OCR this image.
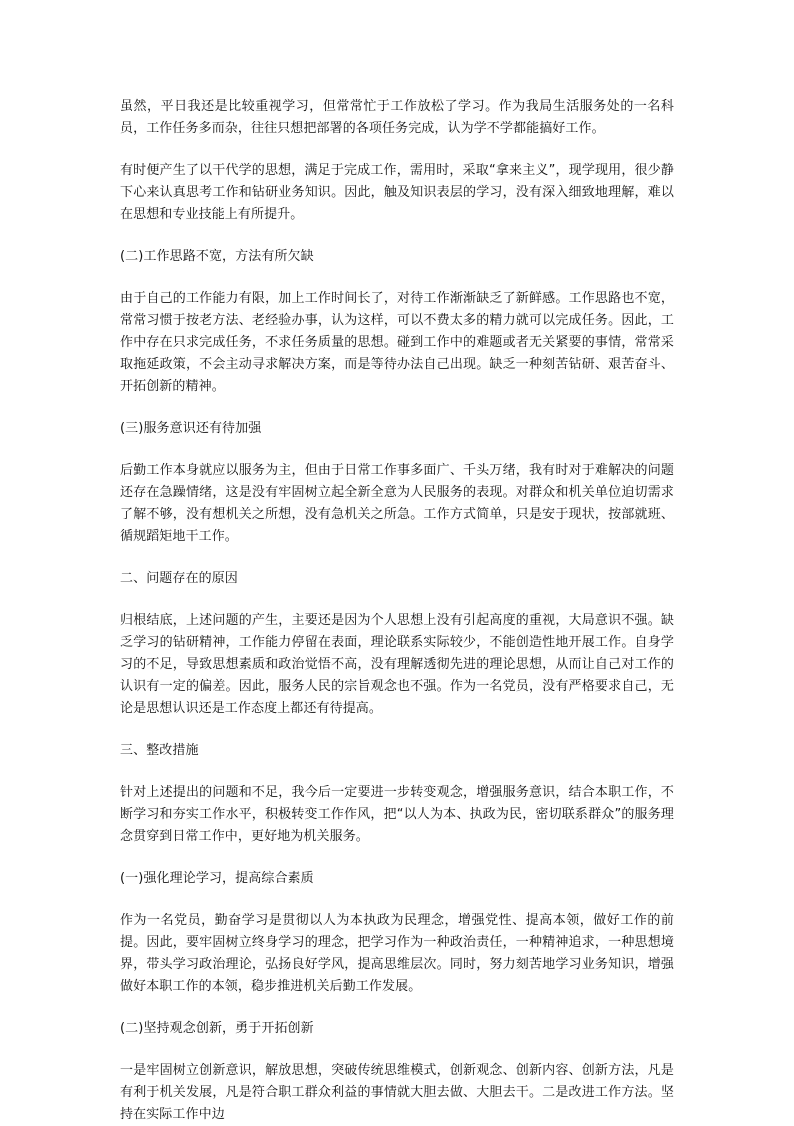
虽然，平日我还是比较重视学习，但常常忙于工作放松了学习。作为我局生活服务处的一名科员，工作任务多而杂，往往只想把部署的各项任务完成，认为学不学都能搞好工作。

有时便产生了以干代学的思想，满足于完成工作，需用时，采取“拿来主义”，现学现用，很少静下心来认真思考工作和钻研业务知识。因此，触及知识表层的学习，没有深入细致地理解，难以在思想和专业技能上有所提升。

(二)工作思路不宽，方法有所欠缺

由于自己的工作能力有限，加上工作时间长了，对待工作渐渐缺乏了新鲜感。工作思路也不宽，常常习惯于按老方法、老经验办事，认为这样，可以不费太多的精力就可以完成任务。因此，工作中存在只求完成任务，不求任务质量的思想。碰到工作中的难题或者无关紧要的事情，常常采取拖延政策，不会主动寻求解决方案，而是等待办法自己出现。缺乏一种刻苦钻研、艰苦奋斗、开拓创新的精神。

(三)服务意识还有待加强

后勤工作本身就应以服务为主，但由于日常工作事多面广、千头万绪，我有时对于难解决的问题还存在急躁情绪，这是没有牢固树立起全新全意为人民服务的表现。对群众和机关单位迫切需求了解不够，没有想机关之所想，没有急机关之所急。工作方式简单，只是安于现状，按部就班、循规蹈矩地干工作。

二、问题存在的原因

归根结底，上述问题的产生，主要还是因为个人思想上没有引起高度的重视，大局意识不强。缺乏学习的钻研精神，工作能力停留在表面，理论联系实际较少，不能创造性地开展工作。自身学习的不足，导致思想素质和政治觉悟不高，没有理解透彻先进的理论思想，从而让自己对工作的认识有一定的偏差。因此，服务人民的宗旨观念也不强。作为一名党员，没有严格要求自己，无论是思想认识还是工作态度上都还有待提高。

三、整改措施

针对上述提出的问题和不足，我今后一定要进一步转变观念，增强服务意识，结合本职工作，不断学习和夯实工作水平，积极转变工作作风，把“以人为本、执政为民，密切联系群众”的服务理念贯穿到日常工作中，更好地为机关服务。

(一)强化理论学习，提高综合素质

作为一名党员，勤奋学习是贯彻以人为本执政为民理念，增强党性、提高本领，做好工作的前提。因此，要牢固树立终身学习的理念，把学习作为一种政治责任，一种精神追求，一种思想境界，带头学习政治理论，弘扬良好学风，提高思维层次。同时，努力刻苦地学习业务知识，增强做好本职工作的本领，稳步推进机关后勤工作发展。

(二)坚持观念创新，勇于开拓创新

一是牢固树立创新意识，解放思想，突破传统思维模式，创新观念、创新内容、创新方法，凡是有利于机关发展，凡是符合职工群众利益的事情就大胆去做、大胆去干。二是改进工作方法。坚持在实际工作中边
